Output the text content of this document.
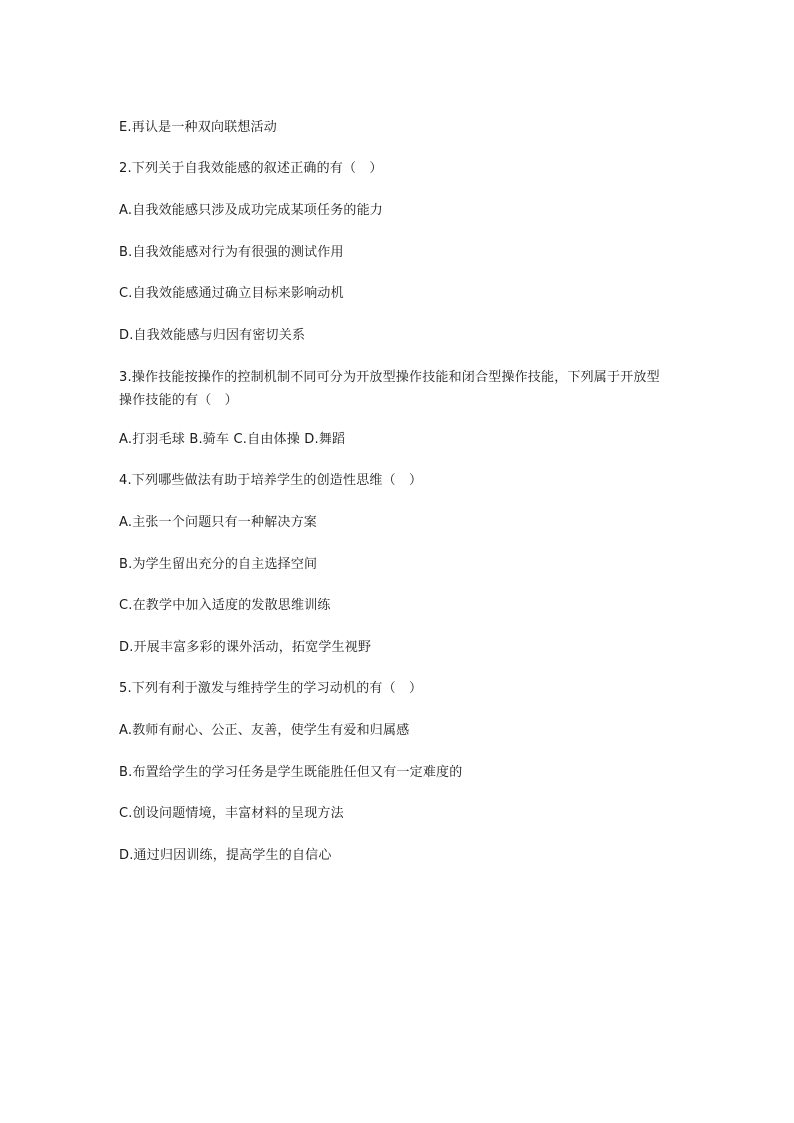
E.再认是一种双向联想活动
2.下列关于自我效能感的叙述正确的有（　）
A.自我效能感只涉及成功完成某项任务的能力
B.自我效能感对行为有很强的测试作用
C.自我效能感通过确立目标来影响动机
D.自我效能感与归因有密切关系
3.操作技能按操作的控制机制不同可分为开放型操作技能和闭合型操作技能，下列属于开放型操作技能的有（　）
A.打羽毛球 B.骑车 C.自由体操 D.舞蹈
4.下列哪些做法有助于培养学生的创造性思维（　）
A.主张一个问题只有一种解决方案
B.为学生留出充分的自主选择空间
C.在教学中加入适度的发散思维训练
D.开展丰富多彩的课外活动，拓宽学生视野
5.下列有利于激发与维持学生的学习动机的有（　）
A.教师有耐心、公正、友善，使学生有爱和归属感
B.布置给学生的学习任务是学生既能胜任但又有一定难度的
C.创设问题情境，丰富材料的呈现方法
D.通过归因训练，提高学生的自信心
